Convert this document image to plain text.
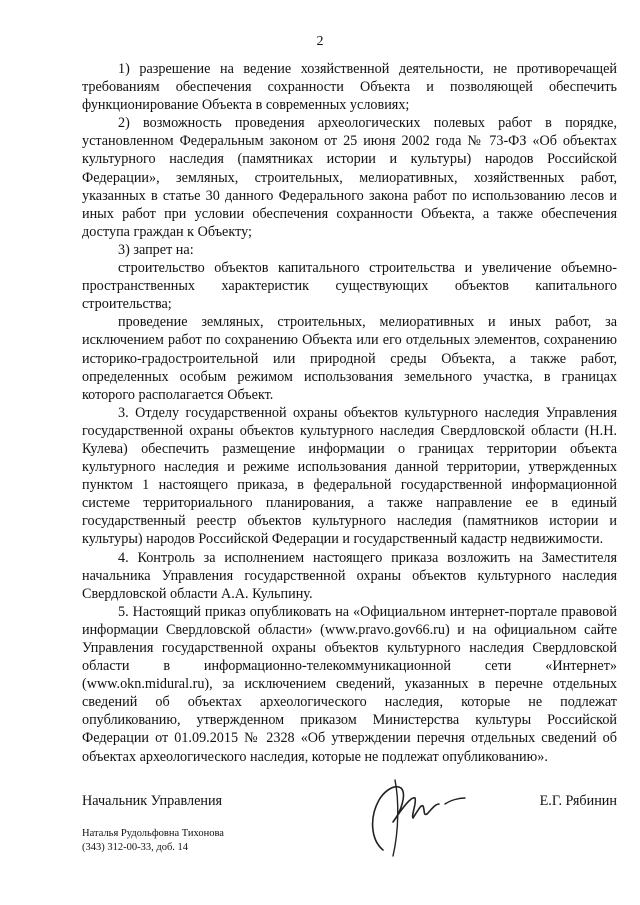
2

1) разрешение на ведение хозяйственной деятельности, не противоречащей требованиям обеспечения сохранности Объекта и позволяющей обеспечить функционирование Объекта в современных условиях;

2) возможность проведения археологических полевых работ в порядке, установленном Федеральным законом от 25 июня 2002 года № 73-ФЗ «Об объектах культурного наследия (памятниках истории и культуры) народов Российской Федерации», земляных, строительных, мелиоративных, хозяйственных работ, указанных в статье 30 данного Федерального закона работ по использованию лесов и иных работ при условии обеспечения сохранности Объекта, а также обеспечения доступа граждан к Объекту;

3) запрет на:

строительство объектов капитального строительства и увеличение объемно-пространственных характеристик существующих объектов капитального строительства;

проведение земляных, строительных, мелиоративных и иных работ, за исключением работ по сохранению Объекта или его отдельных элементов, сохранению историко-градостроительной или природной среды Объекта, а также работ, определенных особым режимом использования земельного участка, в границах которого располагается Объект.

3. Отделу государственной охраны объектов культурного наследия Управления государственной охраны объектов культурного наследия Свердловской области (Н.Н. Кулева) обеспечить размещение информации о границах территории объекта культурного наследия и режиме использования данной территории, утвержденных пунктом 1 настоящего приказа, в федеральной государственной информационной системе территориального планирования, а также направление ее в единый государственный реестр объектов культурного наследия (памятников истории и культуры) народов Российской Федерации и государственный кадастр недвижимости.

4. Контроль за исполнением настоящего приказа возложить на Заместителя начальника Управления государственной охраны объектов культурного наследия Свердловской области А.А. Кульпину.

5. Настоящий приказ опубликовать на «Официальном интернет-портале правовой информации Свердловской области» (www.pravo.gov66.ru) и на официальном сайте Управления государственной охраны объектов культурного наследия Свердловской области в информационно-телекоммуникационной сети «Интернет» (www.okn.midural.ru), за исключением сведений, указанных в перечне отдельных сведений об объектах археологического наследия, которые не подлежат опубликованию, утвержденном приказом Министерства культуры Российской Федерации от 01.09.2015 № 2328 «Об утверждении перечня отдельных сведений об объектах археологического наследия, которые не подлежат опубликованию».

Начальник Управления	Е.Г. Рябинин
Наталья Рудольфовна Тихонова
(343) 312-00-33, доб. 14
